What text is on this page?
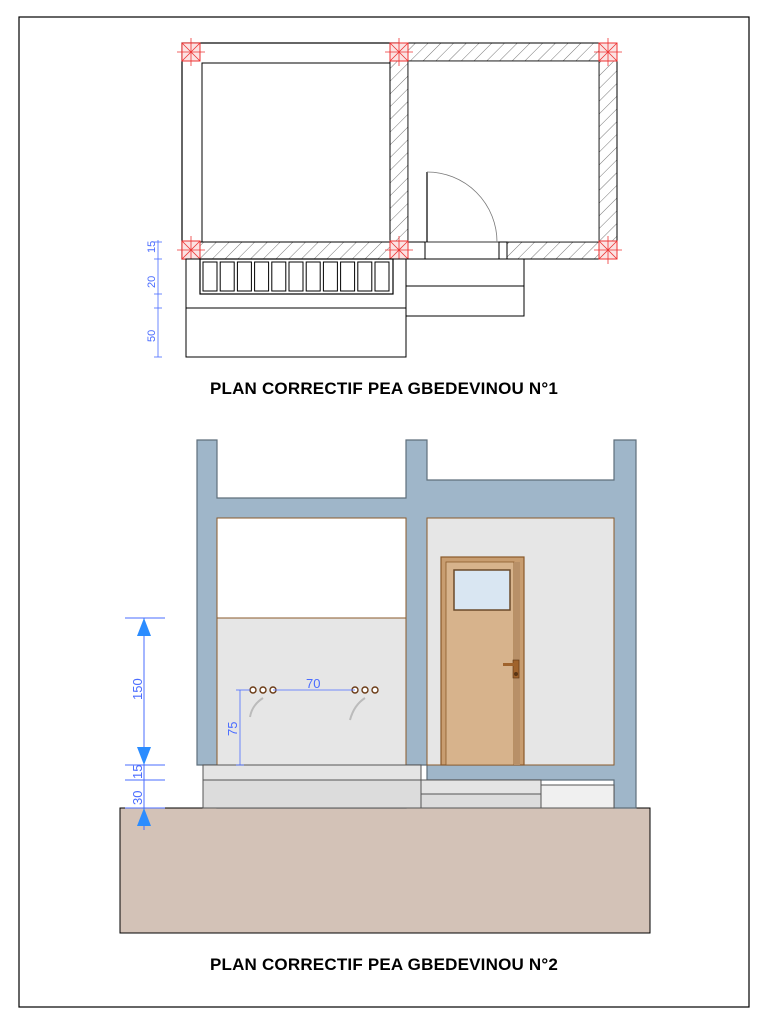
15
20
50
75
70
150
15
30
PLAN CORRECTIF PEA GBEDEVINOU N°1
PLAN CORRECTIF PEA GBEDEVINOU N°2
